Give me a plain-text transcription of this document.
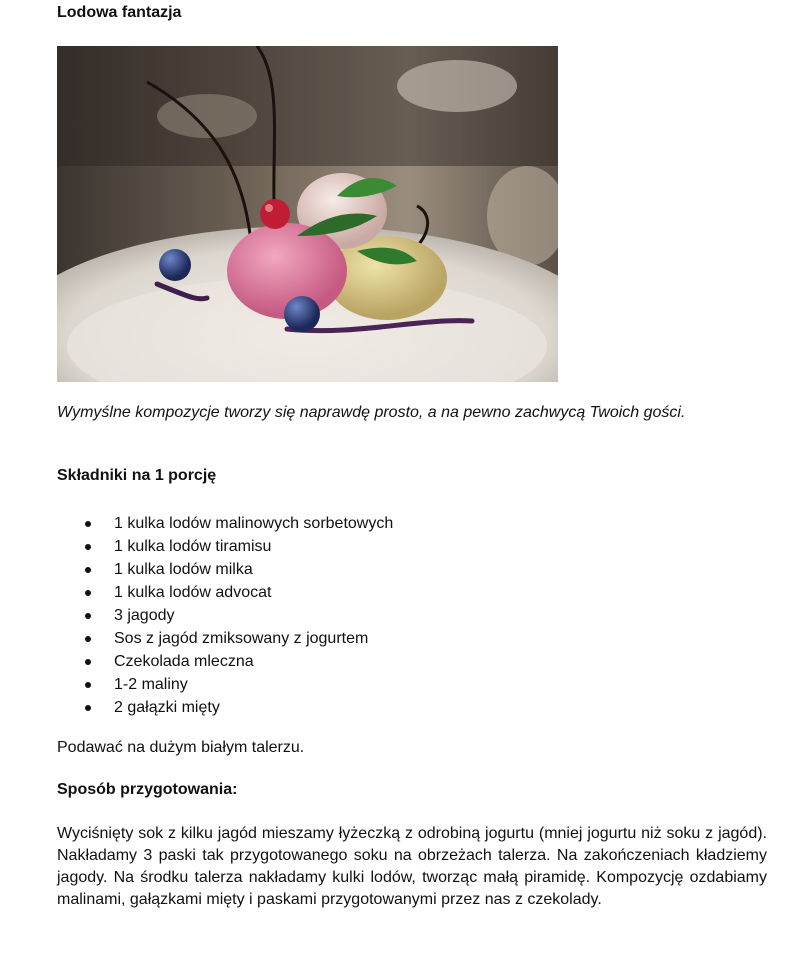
Lodowa fantazja

Wymyślne kompozycje tworzy się naprawdę prosto, a na pewno zachwycą Twoich gości.

Składniki na 1 porcję
1 kulka lodów malinowych sorbetowych
1 kulka lodów tiramisu
1 kulka lodów milka
1 kulka lodów advocat
3 jagody
Sos z jagód zmiksowany z jogurtem
Czekolada mleczna
1-2 maliny
2 gałązki mięty

Podawać na dużym białym talerzu.

Sposób przygotowania:

Wyciśnięty sok z kilku jagód mieszamy łyżeczką z odrobiną jogurtu (mniej jogurtu niż soku z jagód). Nakładamy 3 paski tak przygotowanego soku na obrzeżach talerza. Na zakończeniach kładziemy jagody. Na środku talerza nakładamy kulki lodów, tworząc małą piramidę. Kompozycję ozdabiamy malinami, gałązkami mięty i paskami przygotowanymi przez nas z czekolady.
